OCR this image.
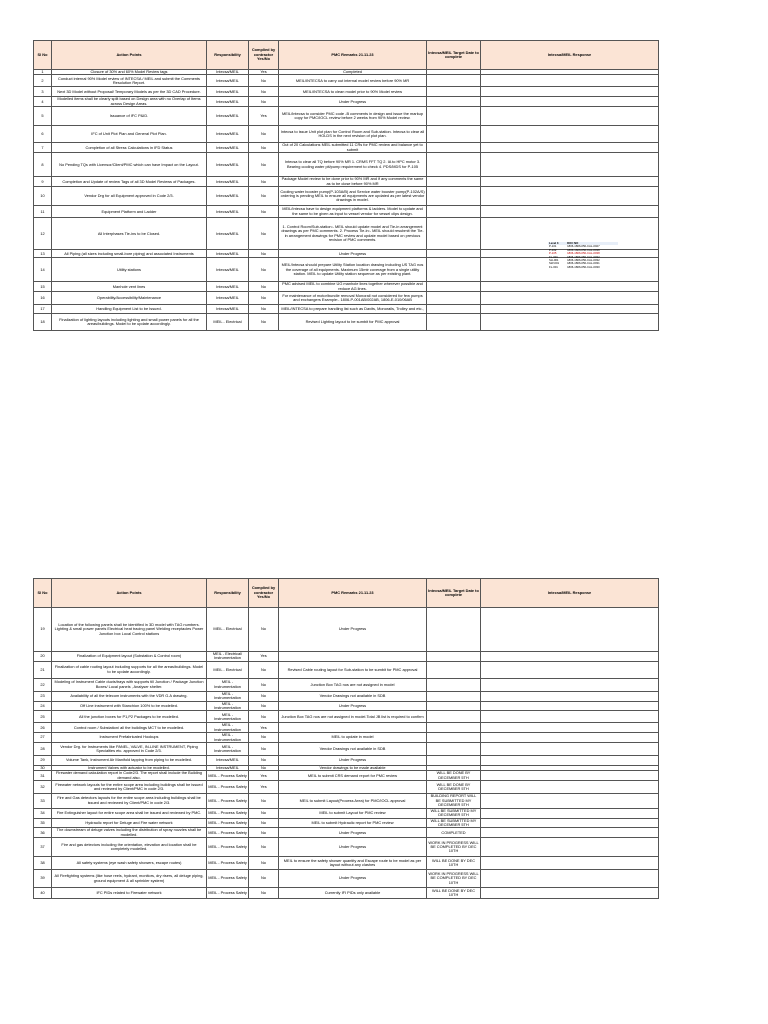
Sl No	Action Points	Responsibility	Complied by contractor Yes/No	PMC Remarks 21.11.23	Intecsa/MEIL Target Date to complete	Intecsa/MEIL Response
1	Closure of 30% and 60% Model Review tags	Intecsa/MEIL	Yes	Completed		
2	Conduct internal 90% Model review of INTECSA / MEIL and submit the Comments Resolution Report.	Intecsa/MEIL	No	MEIL/INTECSA to carry out internal model review before 90% MR		
3	Next 3D Model without Proposal/ Temporary Models as per the 3D CAD Procedure.	Intecsa/MEIL	No	MEIL/INTECSA to clean model prior to 90% Model review		
4	Modelled items shall be clearly split based on Design area with no Overlap of Items across Design Areas.	Intecsa/MEIL	No	Under Progress		
5	Issuance of IFC P&ID.	Intecsa/MEIL	Yes	MEIL/Intecsa to consider PMC code -B comments in design and issue the markup copy for PMC/IOCL review before 2 weeks from 90% Model review.		
6	IFC of Unit Plot Plan and General Plot Plan.	Intecsa/MEIL	No	Intecsa to issue Unit plot plan for Control Room and Sub-station. Intecsa to clear all HOLDS in the next revision of plot plan.		
7	Completion of all Stress Calculations in IFD Status	Intecsa/MEIL	No	Out of 20 Calculations MEIL submitted 11 CRs for PMC review and balance yet to submit		
8	No Pending TQs with Licensor/Client/PMC which can have Impact on the Layout.	Intecsa/MEIL	No	Intecsa to clear all TQ before 90% MR 1. CRMS FFT TQ 2. IA to HPC motor 3. Bearing cooling water pit/pump requirement to check 4. PDS/MDS for P-105		
9	Completion and Update of review Tags of all 3D Model Reviews of Packages.	Intecsa/MEIL	No	Package Model review to be done prior to 90% MR and if any comments the same as to be close before 90% MR		
10	Vendor Drg for all Equipment approved in Code 2/3.	Intecsa/MEIL	No	Cooling water booster pump(P-103A/B) and Service water booster pump(P-102A/S) ordering is pending MEIL to ensure all equipments are updated as per latest vendor drawings in model.		
11	Equipment Platform and Ladder	Intecsa/MEIL	No	MEIL/Intecsa have to design equipment platforms & ladders. Model to update and the same to be given as input to vessel vendor for vessel clips design.		
12	All Interphases Tie-ins to be Closed.	Intecsa/MEIL	No	1. Control Room/Sub-station:- MEIL should update model and Tie-in arrangement drawings as per PMC comments. 2. Process Tie-in:- MEIL should resubmit the Tie-in arrangement drawings for PMC review and update model based on previous revision of PMC comments.		
13	All Piping (all sizes including small-bore piping) and associated Instruments	Intecsa/MEIL	No	Under Progress		
14	Utility stations	Intecsa/MEIL	No	MEIL/Intecsa should prepare Utility Station location drawing including US TAG nos the coverage of all equipments. Maximum 15mtr coverage from a single utility station. MEIL to update Utility station sequence as per existing plant.		
15	Manhole vent lines	Intecsa/MEIL	No	PMC advised MEIL to combine UG manhole lines together wherever possible and reduce AG lines.		
16	Operability/Accessibility/Maintenance	Intecsa/MEIL	No	For maintenance of motor/bundle removal Monorail not considered for few pumps and exchangers Example:- 1806-P-001AB/002AB, 1806-E-010/06AB		
17	Handling Equipment List to be Issued.	Intecsa/MEIL	No	MEIL/INTECSA to prepare handling list such as Davits, Monorails, Trolley and etc.,		
18	Finalization of lighting layouts including lighting and small power panels for all the areas/buildings. Model to be update accordingly.	MEIL - Electrical	No	Revised Lighting layout to be sumbit for PMC approval		
Level 3	DOC NO
P-101	1806-1806-050-CAL-0027
P-102	1806-1806-050-CAL-0038
P-105	1806-1806-050-CAL-0038
FL-001	1806-1806-050-CAL-0032
SH-001	1806-1806-050-CAL-0032
SW-001	1806-1806-050-CAL-0031
FL-001	1806-1806-050-CAL-0030
Sl No	Action Points	Responsibility	Complied by contractor Yes/No	PMC Remarks 21.11.23	Intecsa/MEIL Target Date to complete	Intecsa/MEIL Response
19	Location of the following panels shall be identified in 3D model with TAG numbers. Lighting & small power panels Electrical heat tracing panel Welding receptacles Power Junction box Local Control stations	MEIL - Electrical	No	Under Progress		
20	Finalization of Equipment layout (Substation & Control room)	MEIL - Electrical/ Instrumentation	Yes			
21	Finalization of cable routing layout including supports for all the areas/buildings. Model to be update accordingly.	MEIL - Electrical	No	Revised Cable routing layout for Sub-station to be sumbit for PMC approval		
22	Modeling of Instrument Cable ducts/trays with supports till Junction / Package Junction Boxes/ Local panels , Analyser shelter.	MEIL - Instrumentation	No	Junction Box TAG nos are not assigned in model		
23	Availability of all the telecom instruments with the VDR G.A drawing.	MEIL - Instrumentation	No	Vendor Drawings not available in SDB		
24	Off Line instrument with Stanchion 100% to be modelled.	MEIL - Instrumentation	No	Under Progress		
25	All the junction boxes for P1,P2 Packages to be modelled.	MEIL - Instrumentation	No	Junction Box TAG nos are not assigned in model.Total JB list is required to confirm		
26	Control room / Substation/ all the buildings MCT to be modelled.	MEIL - Instrumentation	Yes			
27	Instrument Prefabricated Hookups	MEIL - Instrumentation	No	MEIL to update in model		
28	Vendor Drg. for Instruments like PANEL, VALVE, IN-LINE INSTRUMENT, Piping Specialties etc. approved in Code 2/3.	MEIL - Instrumentation	No	Vendor Drawings not available in SDB		
29	Volume Tank, Instrument Air Manifold tapping from piping to be modelled.	Intecsa/MEIL	No	Under Progress		
30	Instrument Valves with actuator to be modelled.	Intecsa/MEIL	No	Vendor drawings to be made available		
31	Firewater demand calculation report in Code2/3. The report shall include the Building demand also.	MEIL - Process Safety	Yes	MEIL to submit CRS demand report for PMC review	WILL BE DONE BY DECEMBER 5TH	
32	Firewater network layouts for the entire scope area including buildings shall be issued and reviewed by Client/PMC in code 2/3.	MEIL - Process Safety	Yes		WILL BE DONE BY DECEMBER 5TH	
33	Fire and Gas detectors layouts for the entire scope area including buildings shall be issued and reviewed by Client/PMC in code 2/3.	MEIL - Process Safety	No	MEIL to submit Layout(Process Area) for PMC/IOCL approval	BUILDING REPORT WILL BE SUBMITTED MY DECEMBER 5TH	
34	Fire Extinguisher layout for entire scope area shall be issued and reviewed by PMC.	MEIL - Process Safety	No	MEIL to submit Layout for PMC review	WILL BE SUBMITTED MY DECEMBER 5TH	
35	Hydraulic report for Deluge and Fire water network	MEIL - Process Safety	No	MEIL to submit Hydraulic report for PMC review	WILL BE SUBMITTED MY DECEMBER 5TH	
36	The downstream of deluge valves including the distribution of spray nozzles shall be modelled.	MEIL - Process Safety	No	Under Progress	COMPLETED	
37	Fire and gas detectors including the orientation, elevation and location shall be completely modelled.	MEIL - Process Safety	No	Under Progress	WORK IN PROGRESS WILL BE COMPLETED BY DEC 10TH	
38	All safety systems (eye wash safety showers, escape routes)	MEIL - Process Safety	No	MEIL to ensure the safety shower quantity and Escape route to be model as per layout without any clashes	WILL BE DONE BY DEC 10TH	
39	All Firefighting systems (like hose reels, hydrant, monitors, dry risers, all deluge piping, ground equipment & all sprinkler system)	MEIL - Process Safety	No	Under Progress	WORK IN PROGRESS WILL BE COMPLETED BY DEC 10TH	
40	IFC PIDs related to Firewater network	MEIL - Process Safety	No	Currently IFI PIDs only available	WILL BE DONE BY DEC 10TH	
